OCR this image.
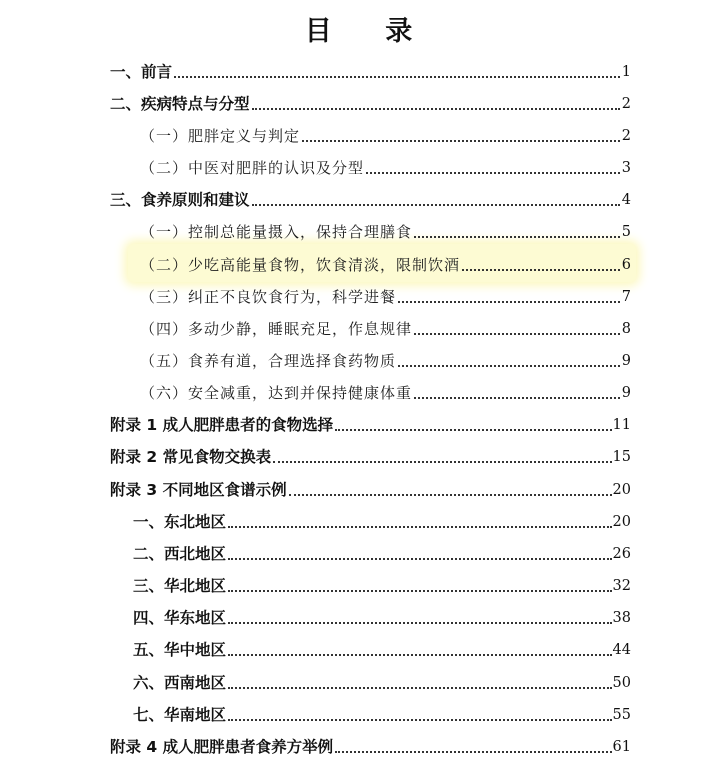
目 录
一、前言	1
二、疾病特点与分型	2
（一）肥胖定义与判定	2
（二）中医对肥胖的认识及分型	3
三、食养原则和建议	4
（一）控制总能量摄入，保持合理膳食	5
（二）少吃高能量食物，饮食清淡，限制饮酒	6
（三）纠正不良饮食行为，科学进餐	7
（四）多动少静，睡眠充足，作息规律	8
（五）食养有道，合理选择食药物质	9
（六）安全减重，达到并保持健康体重	9
附录 1 成人肥胖患者的食物选择	11
附录 2 常见食物交换表	15
附录 3 不同地区食谱示例	20
一、东北地区	20
二、西北地区	26
三、华北地区	32
四、华东地区	38
五、华中地区	44
六、西南地区	50
七、华南地区	55
附录 4 成人肥胖患者食养方举例	61
